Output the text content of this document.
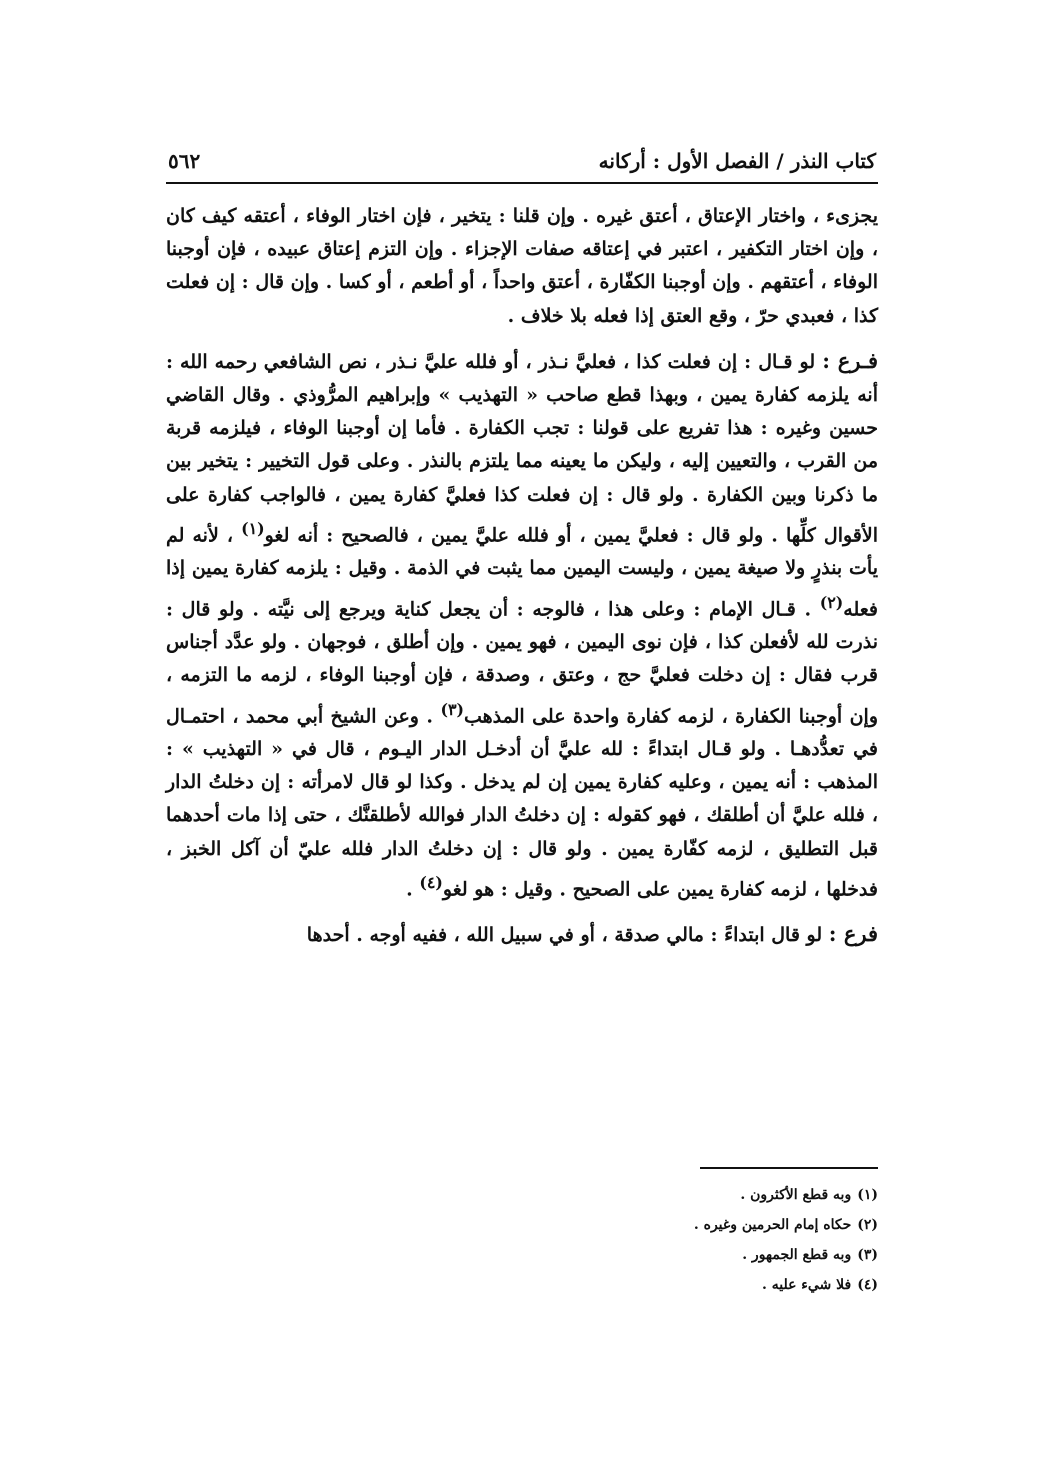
كتاب النذر / الفصل الأول : أركانه
٥٦٢

يجزىء ، واختار الإعتاق ، أعتق غيره . وإن قلنا : يتخير ، فإن اختار الوفاء ، أعتقه كيف كان ، وإن اختار التكفير ، اعتبر في إعتاقه صفات الإجزاء . وإن التزم إعتاق عبيده ، فإن أوجبنا الوفاء ، أعتقهم . وإن أوجبنا الكفّارة ، أعتق واحداً ، أو أطعم ، أو كسا . وإن قال : إن فعلت كذا ، فعبدي حرّ ، وقع العتق إذا فعله بلا خلاف .

فـرع : لو قـال : إن فعلت كذا ، فعليَّ نـذر ، أو فلله عليَّ نـذر ، نص الشافعي رحمه الله : أنه يلزمه كفارة يمين ، وبهذا قطع صاحب « التهذيب » وإبراهيم المرُّوذي . وقال القاضي حسين وغيره : هذا تفريع على قولنا : تجب الكفارة . فأما إن أوجبنا الوفاء ، فيلزمه قربة من القرب ، والتعيين إليه ، وليكن ما يعينه مما يلتزم بالنذر . وعلى قول التخيير : يتخير بين ما ذكرنا وبين الكفارة . ولو قال : إن فعلت كذا فعليَّ كفارة يمين ، فالواجب كفارة على الأقوال كلِّها . ولو قال : فعليَّ يمين ، أو فلله عليَّ يمين ، فالصحيح : أنه لغو$^{(١)}$ ، لأنه لم يأت بنذرٍ ولا صيغة يمين ، وليست اليمين مما يثبت في الذمة . وقيل : يلزمه كفارة يمين إذا فعله$^{(٢)}$ . قـال الإمام : وعلى هذا ، فالوجه : أن يجعل كناية ويرجع إلى نيَّته . ولو قال : نذرت لله لأفعلن كذا ، فإن نوى اليمين ، فهو يمين . وإن أطلق ، فوجهان . ولو عدَّد أجناس قرب فقال : إن دخلت فعليَّ حج ، وعتق ، وصدقة ، فإن أوجبنا الوفاء ، لزمه ما التزمه ، وإن أوجبنا الكفارة ، لزمه كفارة واحدة على المذهب$^{(٣)}$ . وعن الشيخ أبي محمد ، احتمـال في تعدُّدهـا . ولو قـال ابتداءً : لله عليَّ أن أدخـل الدار اليـوم ، قال في « التهذيب » : المذهب : أنه يمين ، وعليه كفارة يمين إن لم يدخل . وكذا لو قال لامرأته : إن دخلتُ الدار ، فلله عليَّ أن أطلقك ، فهو كقوله : إن دخلتُ الدار فوالله لأطلقنَّك ، حتى إذا مات أحدهما قبل التطليق ، لزمه كفّارة يمين . ولو قال : إن دخلتُ الدار فلله عليّ أن آكل الخبز ، فدخلها ، لزمه كفارة يمين على الصحيح . وقيل : هو لغو$^{(٤)}$ .

فرع : لو قال ابتداءً : مالي صدقة ، أو في سبيل الله ، ففيه أوجه . أحدها

(١)وبه قطع الأكثرون .
(٢)حكاه إمام الحرمين وغيره .
(٣)وبه قطع الجمهور .
(٤)فلا شيء عليه .
